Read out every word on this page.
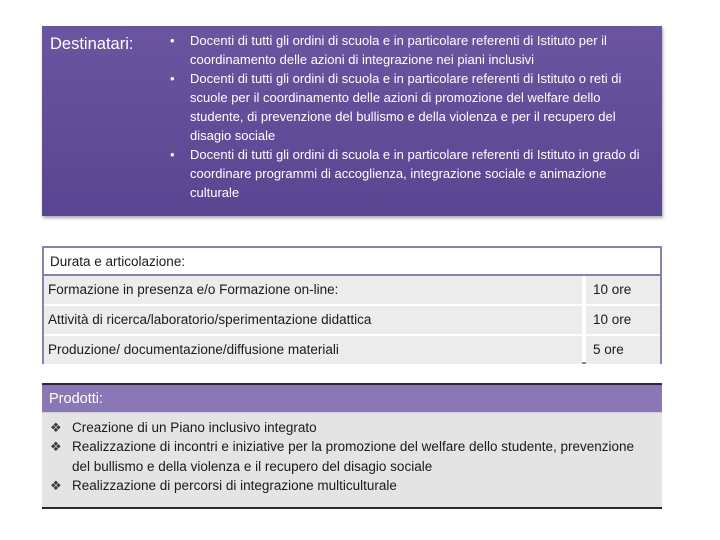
Destinatari:	• Docenti di tutti gli ordini di scuola e in particolare referenti di Istituto per il coordinamento delle azioni di integrazione nei piani inclusivi
• Docenti di tutti gli ordini di scuola e in particolare referenti di Istituto o reti di scuole per il coordinamento delle azioni di promozione del welfare dello studente, di prevenzione del bullismo e della violenza e per il recupero del disagio sociale
• Docenti di tutti gli ordini di scuola e in particolare referenti di Istituto in grado di coordinare programmi di accoglienza, integrazione sociale e animazione culturale
Durata e articolazione:
Formazione in presenza e/o Formazione on-line:	10 ore
Attività di ricerca/laboratorio/sperimentazione didattica	10 ore
Produzione/ documentazione/diffusione materiali	5 ore
Prodotti:
❖ Creazione di un Piano inclusivo integrato
❖ Realizzazione di incontri e iniziative per la promozione del welfare dello studente, prevenzione del bullismo e della violenza e il recupero del disagio sociale
❖ Realizzazione di percorsi di integrazione multiculturale
